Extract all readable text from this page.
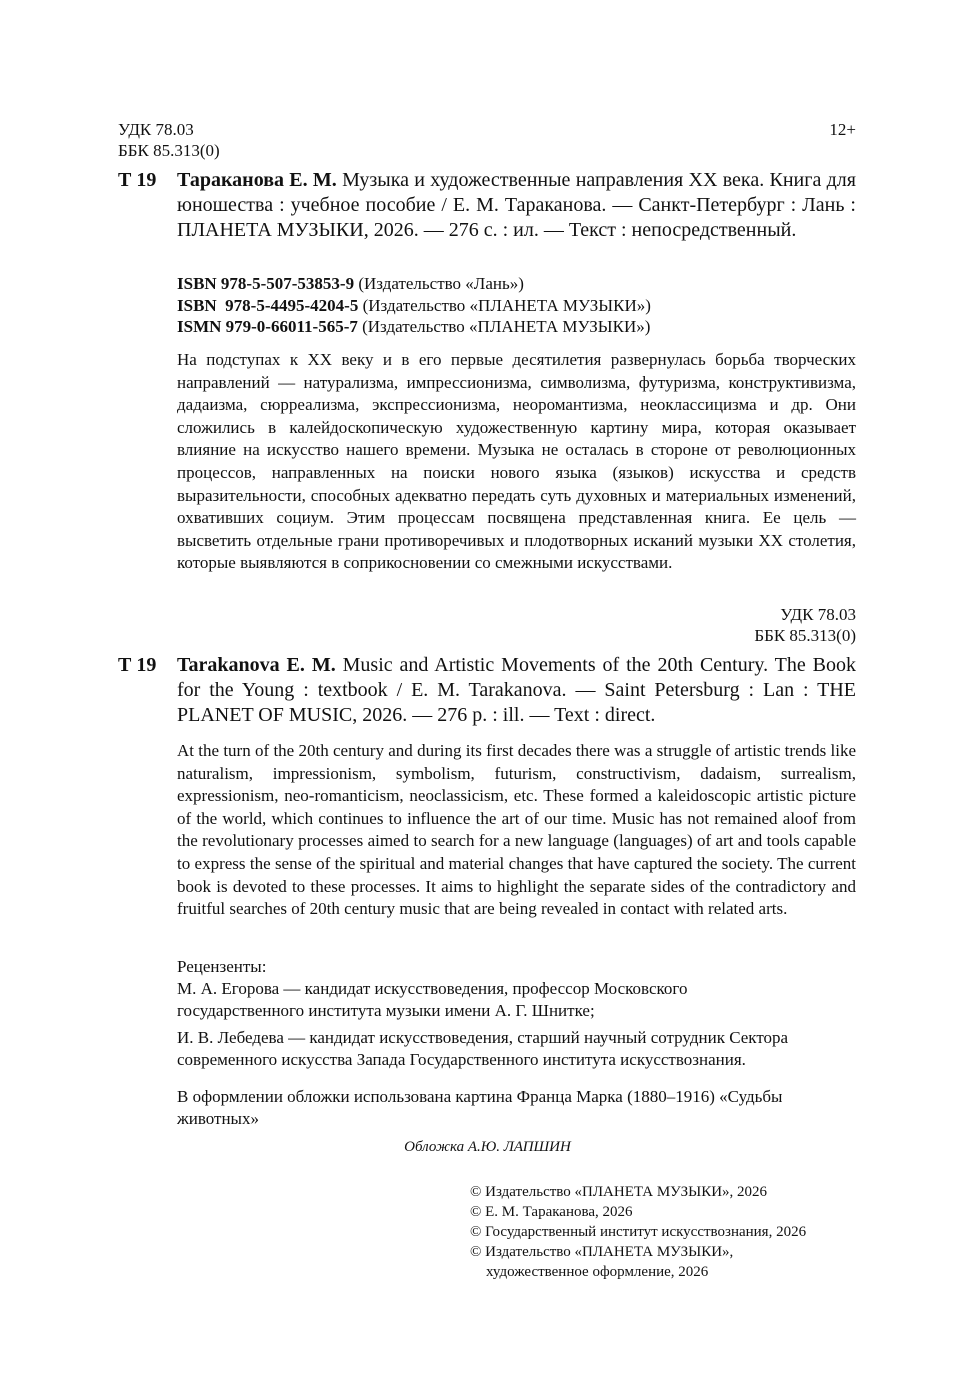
УДК 78.03
ББК 85.313(0)
12+
Т 19 Тараканова Е. М. Музыка и художественные направления XX века. Книга для юношества : учебное пособие / Е. М. Тараканова. — Санкт-Петербург : Лань : ПЛАНЕТА МУЗЫКИ, 2026. — 276 с. : ил. — Текст : непосредственный.
ISBN 978-5-507-53853-9 (Издательство «Лань»)
ISBN  978-5-4495-4204-5 (Издательство «ПЛАНЕТА МУЗЫКИ»)
ISMN 979-0-66011-565-7 (Издательство «ПЛАНЕТА МУЗЫКИ»)
На подступах к XX веку и в его первые десятилетия развернулась борьба творческих направлений — натурализма, импрессионизма, символизма, футуризма, конструктивизма, дадаизма, сюрреализма, экспрессионизма, неоромантизма, неоклассицизма и др. Они сложились в калейдоскопическую художественную картину мира, которая оказывает влияние на искусство нашего времени. Музыка не осталась в стороне от революционных процессов, направленных на поиски нового языка (языков) искусства и средств выразительности, способных адекватно передать суть духовных и материальных изменений, охвативших социум. Этим процессам посвящена представленная книга. Ее цель — высветить отдельные грани противоречивых и плодотворных исканий музыки XX столетия, которые выявляются в соприкосновении со смежными искусствами.
УДК 78.03
ББК 85.313(0)
Т 19 Tarakanova E. M. Music and Artistic Movements of the 20th Century. The Book for the Young : textbook / E. M. Tarakanova. — Saint Petersburg : Lan : THE PLANET OF MUSIC, 2026. — 276 p. : ill. — Text : direct.
At the turn of the 20th century and during its first decades there was a struggle of artistic trends like naturalism, impressionism, symbolism, futurism, constructivism, dadaism, surrealism, expressionism, neo-romanticism, neoclassicism, etc. These formed a kaleidoscopic artistic picture of the world, which continues to influence the art of our time. Music has not remained aloof from the revolutionary processes aimed to search for a new language (languages) of art and tools capable to express the sense of the spiritual and material changes that have captured the society. The current book is devoted to these processes. It aims to highlight the separate sides of the contradictory and fruitful searches of 20th century music that are being revealed in contact with related arts.

Рецензенты:

М. А. Егорова — кандидат искусствоведения, профессор Московского государственного института музыки имени А. Г. Шнитке;

И. В. Лебедева — кандидат искусствоведения, старший научный сотрудник Сектора современного искусства Запада Государственного института искусствознания.

В оформлении обложки использована картина Франца Марка (1880–1916) «Судьбы животных»
Обложка А.Ю. ЛАПШИН
© Издательство «ПЛАНЕТА МУЗЫКИ», 2026
© Е. М. Тараканова, 2026
© Государственный институт искусствознания, 2026
© Издательство «ПЛАНЕТА МУЗЫКИ»,
художественное оформление, 2026
